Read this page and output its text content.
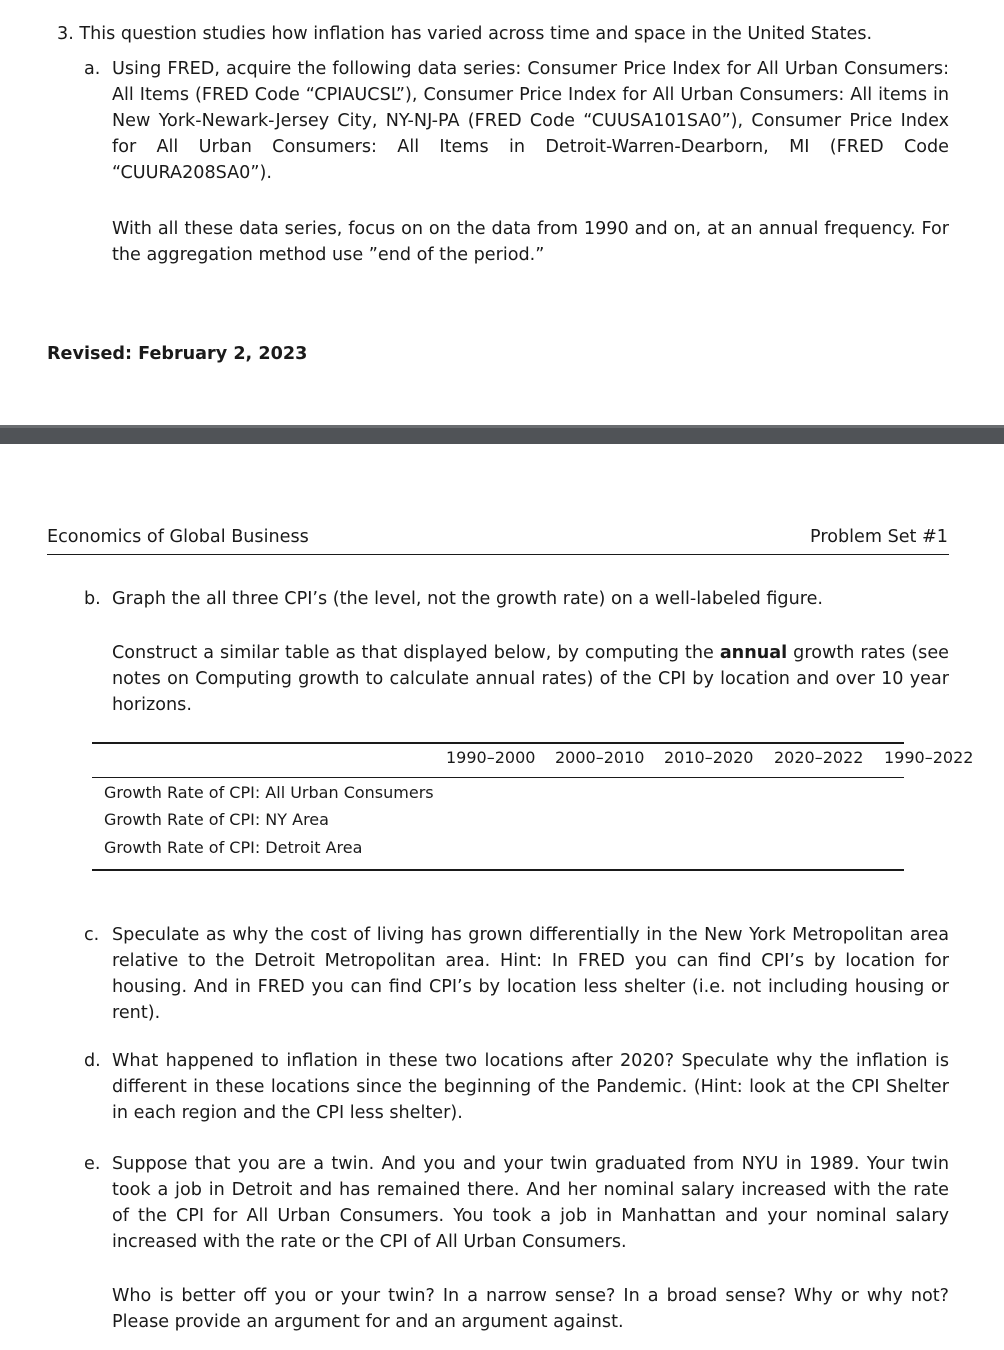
3. This question studies how inflation has varied across time and space in the United States.
a. Using FRED, acquire the following data series: Consumer Price Index for All Urban Consumers: All Items (FRED Code “CPIAUCSL”), Consumer Price Index for All Urban Consumers: All items in New York-Newark-Jersey City, NY-NJ-PA (FRED Code “CUUSA101SA0”), Consumer Price Index for All Urban Consumers: All Items in Detroit-Warren-Dearborn, MI (FRED Code “CUURA208SA0”).
With all these data series, focus on on the data from 1990 and on, at an annual frequency. For the aggregation method use ”end of the period.”
Revised: February 2, 2023
Economics of Global Business	Problem Set #1
b. Graph the all three CPI’s (the level, not the growth rate) on a well-labeled figure.
Construct a similar table as that displayed below, by computing the annual growth rates (see notes on Computing growth to calculate annual rates) of the CPI by location and over 10 year horizons.
1990–2000 2000–2010 2010–2020 2020–2022 1990–2022
Growth Rate of CPI: All Urban Consumers
Growth Rate of CPI: NY Area
Growth Rate of CPI: Detroit Area
c. Speculate as why the cost of living has grown differentially in the New York Metropolitan area relative to the Detroit Metropolitan area. Hint: In FRED you can find CPI’s by location for housing. And in FRED you can find CPI’s by location less shelter (i.e. not including housing or rent).
d. What happened to inflation in these two locations after 2020? Speculate why the inflation is different in these locations since the beginning of the Pandemic. (Hint: look at the CPI Shelter in each region and the CPI less shelter).
e. Suppose that you are a twin. And you and your twin graduated from NYU in 1989. Your twin took a job in Detroit and has remained there. And her nominal salary increased with the rate of the CPI for All Urban Consumers. You took a job in Manhattan and your nominal salary increased with the rate or the CPI of All Urban Consumers.
Who is better off you or your twin? In a narrow sense? In a broad sense? Why or why not? Please provide an argument for and an argument against.
